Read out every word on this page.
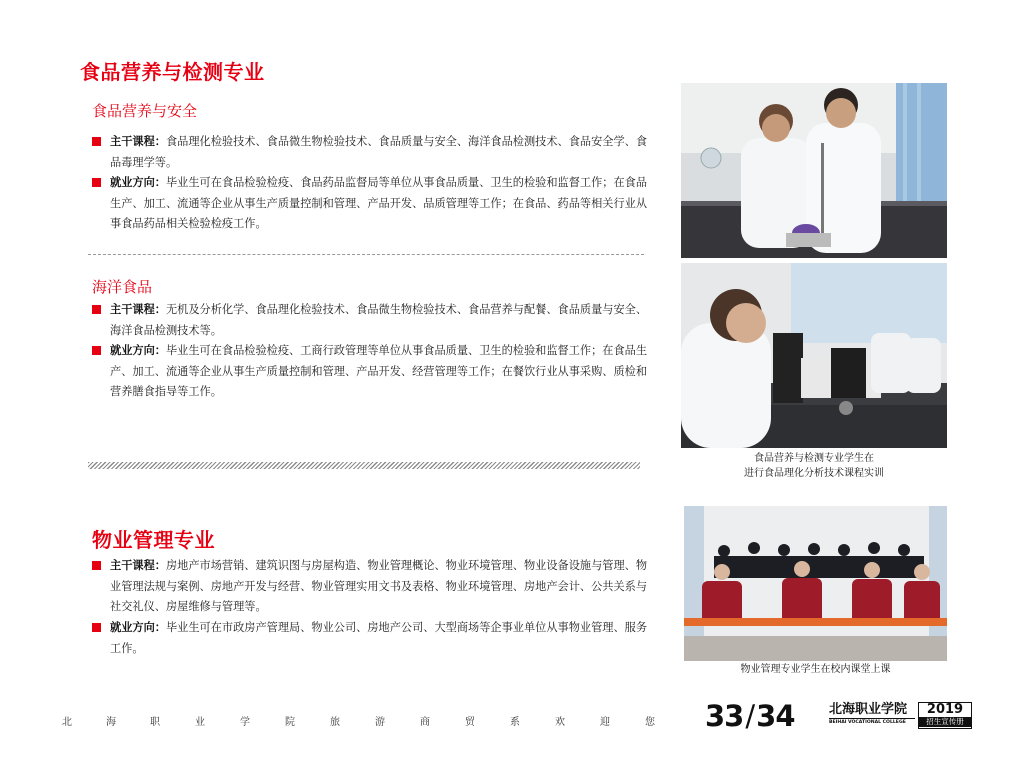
食品营养与检测专业
食品营养与安全
主干课程：食品理化检验技术、食品微生物检验技术、食品质量与安全、海洋食品检测技术、食品安全学、食品毒理学等。
就业方向：毕业生可在食品检验检疫、食品药品监督局等单位从事食品质量、卫生的检验和监督工作；在食品生产、加工、流通等企业从事生产质量控制和管理、产品开发、品质管理等工作；在食品、药品等相关行业从事食品药品相关检验检疫工作。
海洋食品
主干课程：无机及分析化学、食品理化检验技术、食品微生物检验技术、食品营养与配餐、食品质量与安全、海洋食品检测技术等。
就业方向：毕业生可在食品检验检疫、工商行政管理等单位从事食品质量、卫生的检验和监督工作；在食品生产、加工、流通等企业从事生产质量控制和管理、产品开发、经营管理等工作；在餐饮行业从事采购、质检和营养膳食指导等工作。
食品营养与检测专业学生在
进行食品理化分析技术课程实训
物业管理专业
主干课程：房地产市场营销、建筑识图与房屋构造、物业管理概论、物业环境管理、物业设备设施与管理、物业管理法规与案例、房地产开发与经营、物业管理实用文书及表格、物业环境管理、房地产会计、公共关系与社交礼仪、房屋维修与管理等。
就业方向：毕业生可在市政房产管理局、物业公司、房地产公司、大型商场等企事业单位从事物业管理、服务工作。
物业管理专业学生在校内课堂上课
北	海	职	业	学	院	旅	游	商	贸	系	欢	迎	您 33/34	北海职业学院
BEIHAI VOCATIONAL COLLEGE
2019
招生宣传册
